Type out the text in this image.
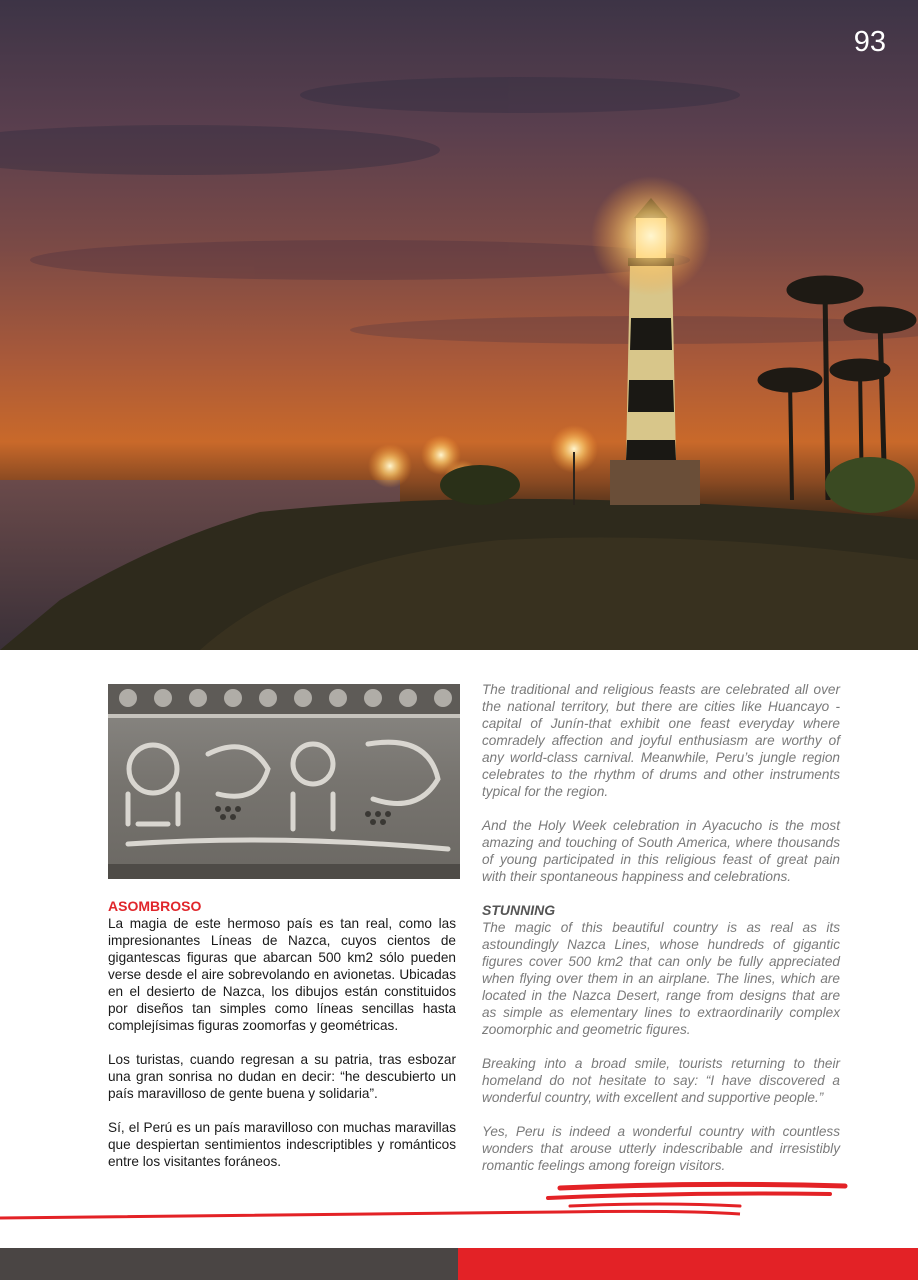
93
ASOMBROSO

La magia de este hermoso país es tan real, como las impresionantes Líneas de Nazca, cuyos cientos de gigantescas figuras que abarcan 500 km2 sólo pueden verse desde el aire sobrevolando en avionetas. Ubicadas en el desierto de Nazca, los dibujos están constituidos por diseños tan simples como líneas sencillas hasta complejísimas figuras zoomorfas y geométricas.

Los turistas, cuando regresan a su patria, tras esbozar una gran sonrisa no dudan en decir: “he descubierto un país maravilloso de gente buena y solidaria”.

Sí, el Perú es un país maravilloso con muchas maravillas que despiertan sentimientos indescriptibles y románticos entre los visitantes foráneos.

The traditional and religious feasts are celebrated all over the national territory, but there are cities like Huancayo -capital of Junín-that exhibit one feast everyday where comradely affection and joyful enthusiasm are worthy of any world-class carnival. Meanwhile, Peru’s jungle region celebrates to the rhythm of drums and other instruments typical for the region.

And the Holy Week celebration in Ayacucho is the most amazing and touching of South America, where thousands of young participated in this religious feast of great pain with their spontaneous happiness and celebrations.

STUNNING

The magic of this beautiful country is as real as its astoundingly Nazca Lines, whose hundreds of gigantic figures cover 500 km2 that can only be fully appreciated when flying over them in an airplane. The lines, which are located in the Nazca Desert, range from designs that are as simple as elementary lines to extraordinarily complex zoomorphic and geometric figures.

Breaking into a broad smile, tourists returning to their homeland do not hesitate to say: “I have discovered a wonderful country, with excellent and supportive people.”

Yes, Peru is indeed a wonderful country with countless wonders that arouse utterly indescribable and irresistibly romantic feelings among foreign visitors.
